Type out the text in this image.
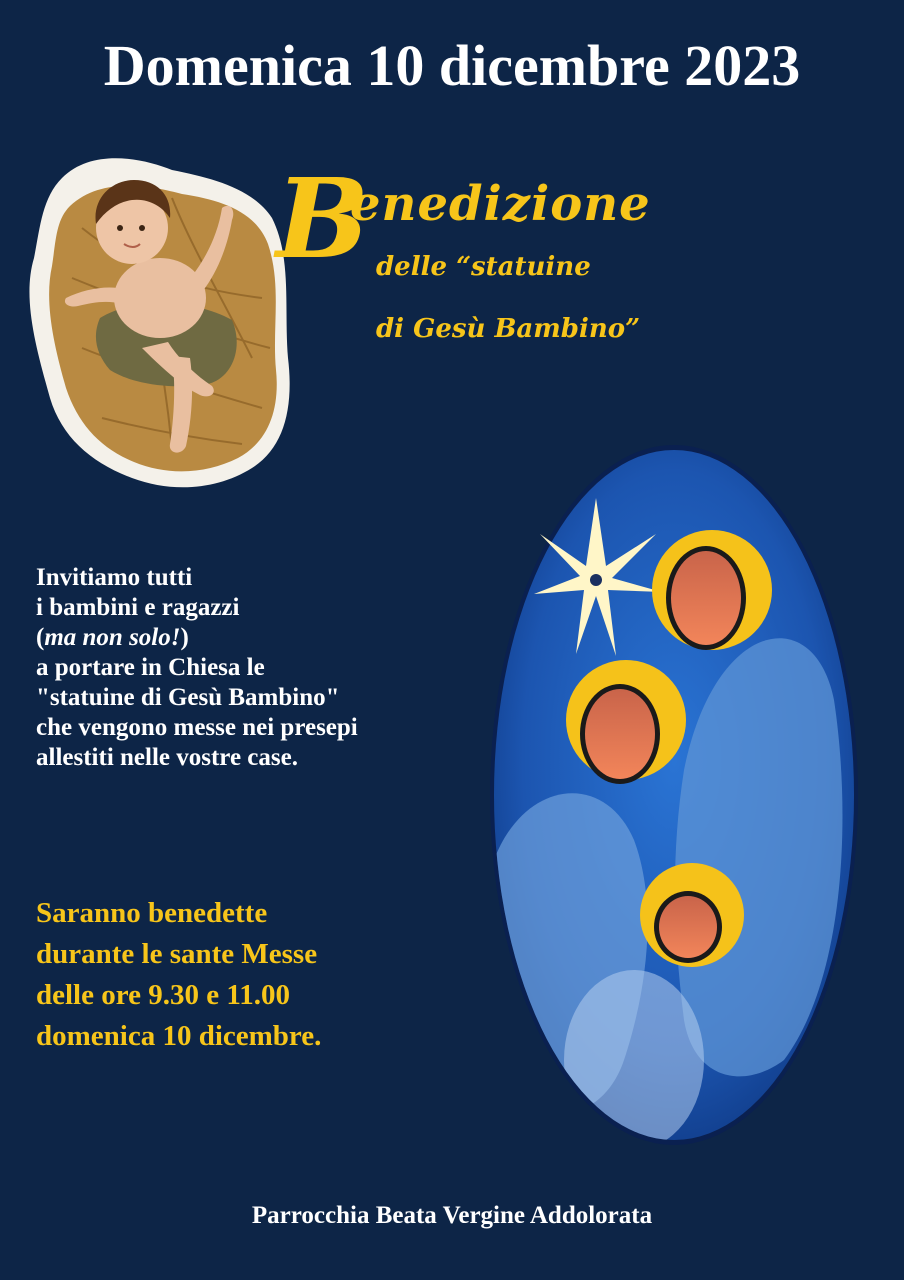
Domenica 10 dicembre 2023
B
enedizione
delle “statuine
di Gesù Bambino”
Invitiamo tutti
i bambini e ragazzi
(ma non solo!)
a portare in Chiesa le
"statuine di Gesù Bambino"
che vengono messe nei presepi
allestiti nelle vostre case.
Saranno benedette
durante le sante Messe
delle ore 9.30 e 11.00
domenica 10 dicembre.
Parrocchia Beata Vergine Addolorata
